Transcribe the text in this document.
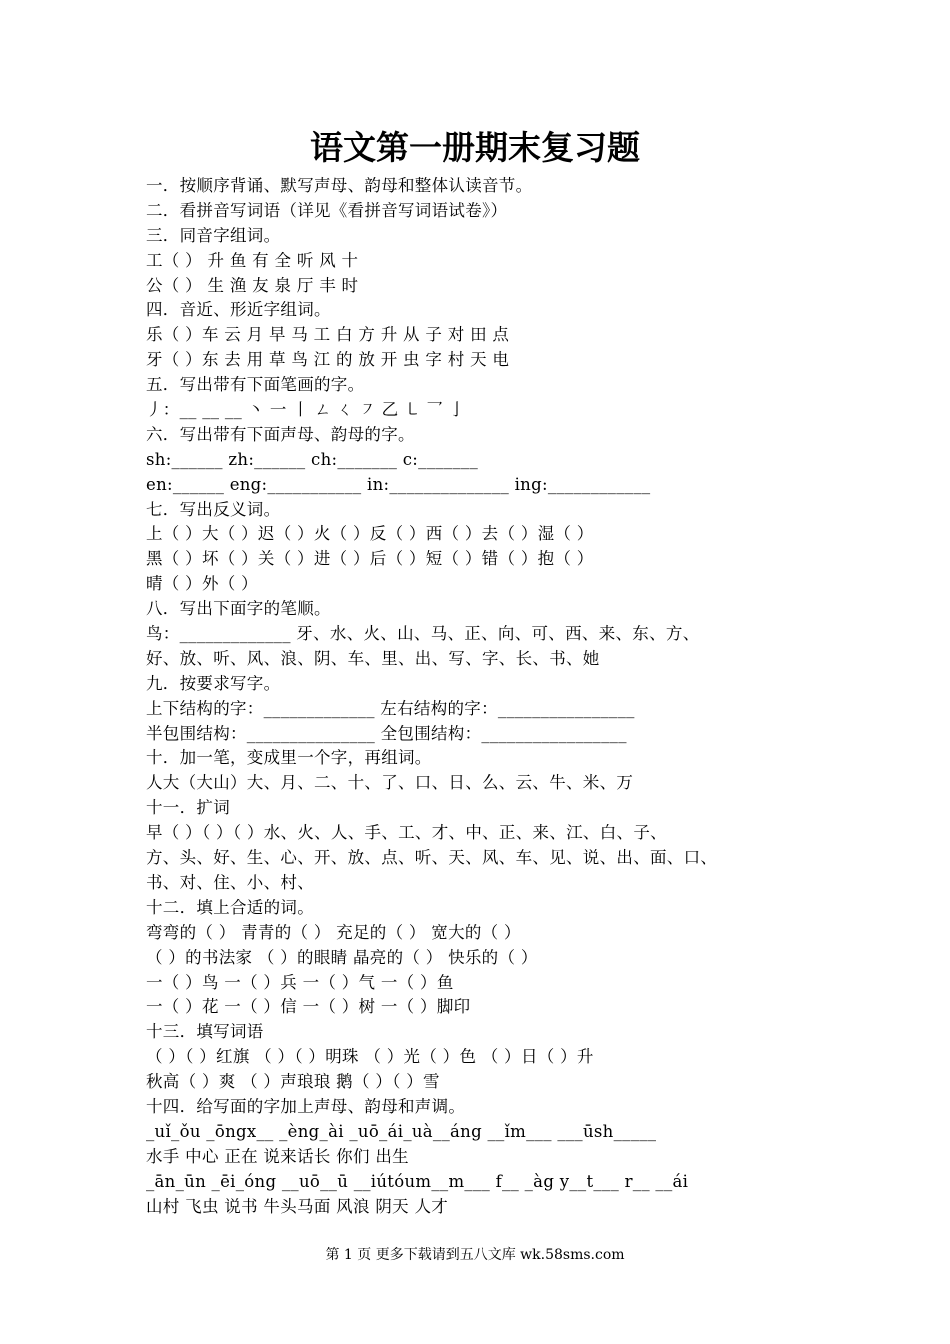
语文第一册期末复习题
一．按顺序背诵、默写声母、韵母和整体认读音节。
二．看拼音写词语（详见《看拼音写词语试卷》）
三．同音字组词。
工（ ） 升 鱼 有 全 听 风 十
公（ ） 生 渔 友 泉 厅 丰 时
四．音近、形近字组词。
乐（ ）车 云 月 早 马 工 白 方 升 从 子 对 田 点
牙（ ）东 去 用 草 鸟 江 的 放 开 虫 字 村 天 电
五．写出带有下面笔画的字。
丿：__ __ __ 丶 一 丨 ㄥ ㄑ ㇇ 乙 ㇄ 乛 亅
六．写出带有下面声母、韵母的字。
sh:______ zh:______ ch:_______ c:_______
en:______ eng:___________ in:______________ ing:____________
七．写出反义词。
上（ ）大（ ）迟（ ）火（ ）反（ ）西（ ）去（ ）湿（ ）
黑（ ）坏（ ）关（ ）进（ ）后（ ）短（ ）错（ ）抱（ ）
晴（ ）外（ ）
八．写出下面字的笔顺。
鸟：_____________ 牙、水、火、山、马、正、向、可、西、来、东、方、
好、放、听、风、浪、阴、车、里、出、写、字、长、书、她
九．按要求写字。
上下结构的字：_____________ 左右结构的字：________________
半包围结构：_______________ 全包围结构：_________________
十．加一笔，变成里一个字，再组词。
人大（大山）大、月、二、十、了、口、日、么、云、牛、米、万
十一．扩词
早（ ）（ ）（ ）水、火、人、手、工、才、中、正、来、江、白、子、
方、头、好、生、心、开、放、点、听、天、风、车、见、说、出、面、口、
书、对、住、小、村、
十二．填上合适的词。
弯弯的（ ） 青青的（ ） 充足的（ ） 宽大的（ ）
（ ）的书法家 （ ）的眼睛 晶亮的（ ） 快乐的（ ）
一（ ）鸟 一（ ）兵 一（ ）气 一（ ）鱼
一（ ）花 一（ ）信 一（ ）树 一（ ）脚印
十三．填写词语
（ ）（ ）红旗 （ ）（ ）明珠 （ ）光（ ）色 （ ）日（ ）升
秋高（ ）爽 （ ）声琅琅 鹅（ ）（ ）雪
十四．给写面的字加上声母、韵母和声调。
_uǐ_ǒu _ōngx__ _èng_ài _uō_ái_uà__áng __ǐm___ ___ūsh_____
水手 中心 正在 说来话长 你们 出生
_ān_ūn _ēi_óng __uō__ū __iútóum__m___ f__ _àg y__t___ r__ __ái
山村 飞虫 说书 牛头马面 风浪 阴天 人才
第 1 页 更多下载请到五八文库 wk.58sms.com
